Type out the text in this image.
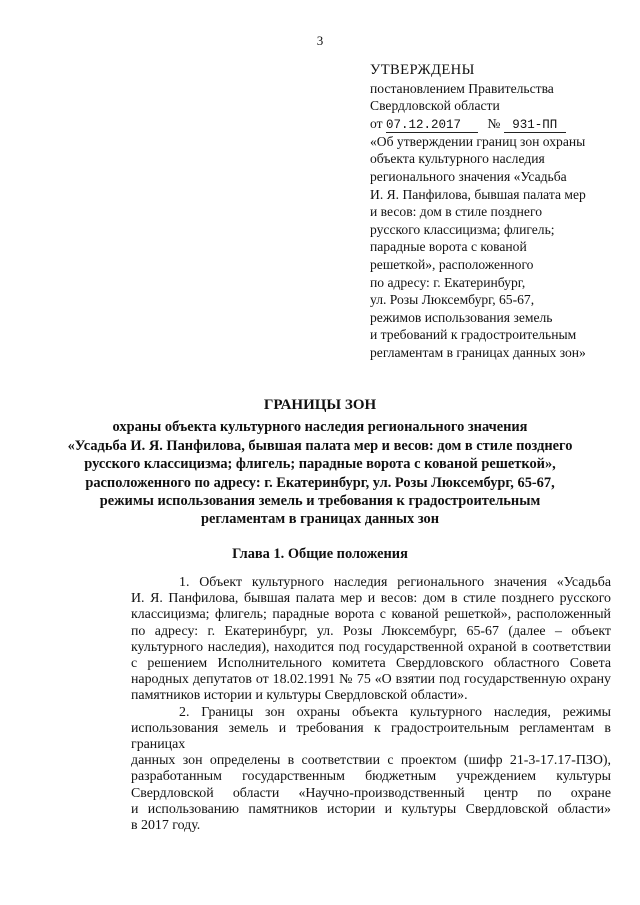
3
УТВЕРЖДЕНЫ
постановлением Правительства
Свердловской области
от 07.12.2017 № 931-ПП
«Об утверждении границ зон охраны
объекта культурного наследия
регионального значения «Усадьба
И. Я. Панфилова, бывшая палата мер
и весов: дом в стиле позднего
русского классицизма; флигель;
парадные ворота с кованой
решеткой», расположенного
по адресу: г. Екатеринбург,
ул. Розы Люксембург, 65-67,
режимов использования земель
и требований к градостроительным
регламентам в границах данных зон»
ГРАНИЦЫ ЗОН
охраны объекта культурного наследия регионального значения
«Усадьба И. Я. Панфилова, бывшая палата мер и весов: дом в стиле позднего
русского классицизма; флигель; парадные ворота с кованой решеткой»,
расположенного по адресу: г. Екатеринбург, ул. Розы Люксембург, 65-67,
режимы использования земель и требования к градостроительным
регламентам в границах данных зон
Глава 1. Общие положения
1. Объект культурного наследия регионального значения «Усадьба
И. Я. Панфилова, бывшая палата мер и весов: дом в стиле позднего русского
классицизма; флигель; парадные ворота с кованой решеткой», расположенный
по адресу: г. Екатеринбург, ул. Розы Люксембург, 65-67 (далее – объект
культурного наследия), находится под государственной охраной в соответствии
с решением Исполнительного комитета Свердловского областного Совета
народных депутатов от 18.02.1991 № 75 «О взятии под государственную охрану
памятников истории и культуры Свердловской области».
2. Границы зон охраны объекта культурного наследия, режимы
использования земель и требования к градостроительным регламентам в границах
данных зон определены в соответствии с проектом (шифр 21-3-17.17-ПЗО),
разработанным государственным бюджетным учреждением культуры
Свердловской области «Научно-производственный центр по охране
и использованию памятников истории и культуры Свердловской области»
в 2017 году.
